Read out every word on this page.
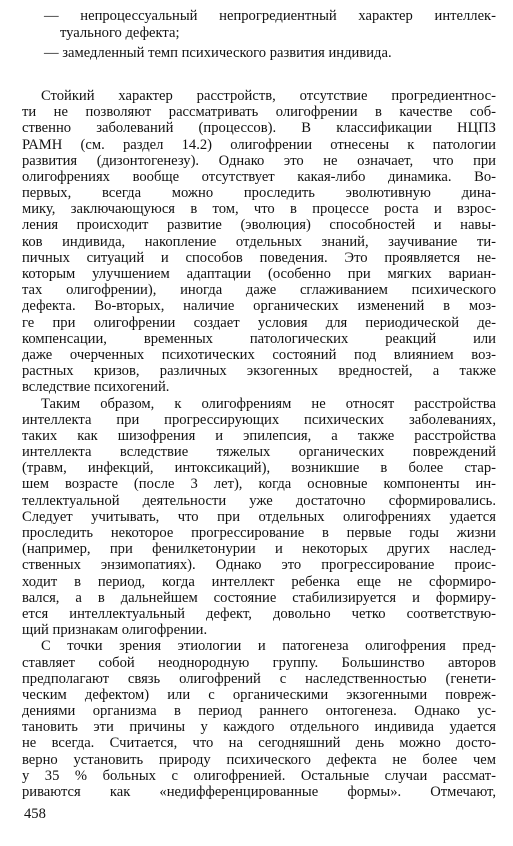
— непроцессуальный непрогредиентный характер интеллек-
туального дефекта;
— замедленный темп психического развития индивида.
Стойкий характер расстройств, отсутствие прогредиентнос-
ти не позволяют рассматривать олигофрении в качестве соб-
ственно заболеваний (процессов). В классификации НЦПЗ
РАМН (см. раздел 14.2) олигофрении отнесены к патологии
развития (дизонтогенезу). Однако это не означает, что при
олигофрениях вообще отсутствует какая-либо динамика. Во-
первых, всегда можно проследить эволютивную дина-
мику, заключающуюся в том, что в процессе роста и взрос-
ления происходит развитие (эволюция) способностей и навы-
ков индивида, накопление отдельных знаний, заучивание ти-
пичных ситуаций и способов поведения. Это проявляется не-
которым улучшением адаптации (особенно при мягких вариан-
тах олигофрении), иногда даже сглаживанием психического
дефекта. Во-вторых, наличие органических изменений в моз-
ге при олигофрении создает условия для периодической де-
компенсации, временных патологических реакций или
даже очерченных психотических состояний под влиянием воз-
растных кризов, различных экзогенных вредностей, а также
вследствие психогений.
Таким образом, к олигофрениям не относят расстройства
интеллекта при прогрессирующих психических заболеваниях,
таких как шизофрения и эпилепсия, а также расстройства
интеллекта вследствие тяжелых органических повреждений
(травм, инфекций, интоксикаций), возникшие в более стар-
шем возрасте (после 3 лет), когда основные компоненты ин-
теллектуальной деятельности уже достаточно сформировались.
Следует учитывать, что при отдельных олигофрениях удается
проследить некоторое прогрессирование в первые годы жизни
(например, при фенилкетонурии и некоторых других наслед-
ственных энзимопатиях). Однако это прогрессирование проис-
ходит в период, когда интеллект ребенка еще не сформиро-
вался, а в дальнейшем состояние стабилизируется и формиру-
ется интеллектуальный дефект, довольно четко соответствую-
щий признакам олигофрении.
С точки зрения этиологии и патогенеза олигофрения пред-
ставляет собой неоднородную группу. Большинство авторов
предполагают связь олигофрений с наследственностью (генети-
ческим дефектом) или с органическими экзогенными повреж-
дениями организма в период раннего онтогенеза. Однако ус-
тановить эти причины у каждого отдельного индивида удается
не всегда. Считается, что на сегодняшний день можно досто-
верно установить природу психического дефекта не более чем
у 35 % больных с олигофренией. Остальные случаи рассмат-
риваются как «недифференцированные формы». Отмечают,
458
